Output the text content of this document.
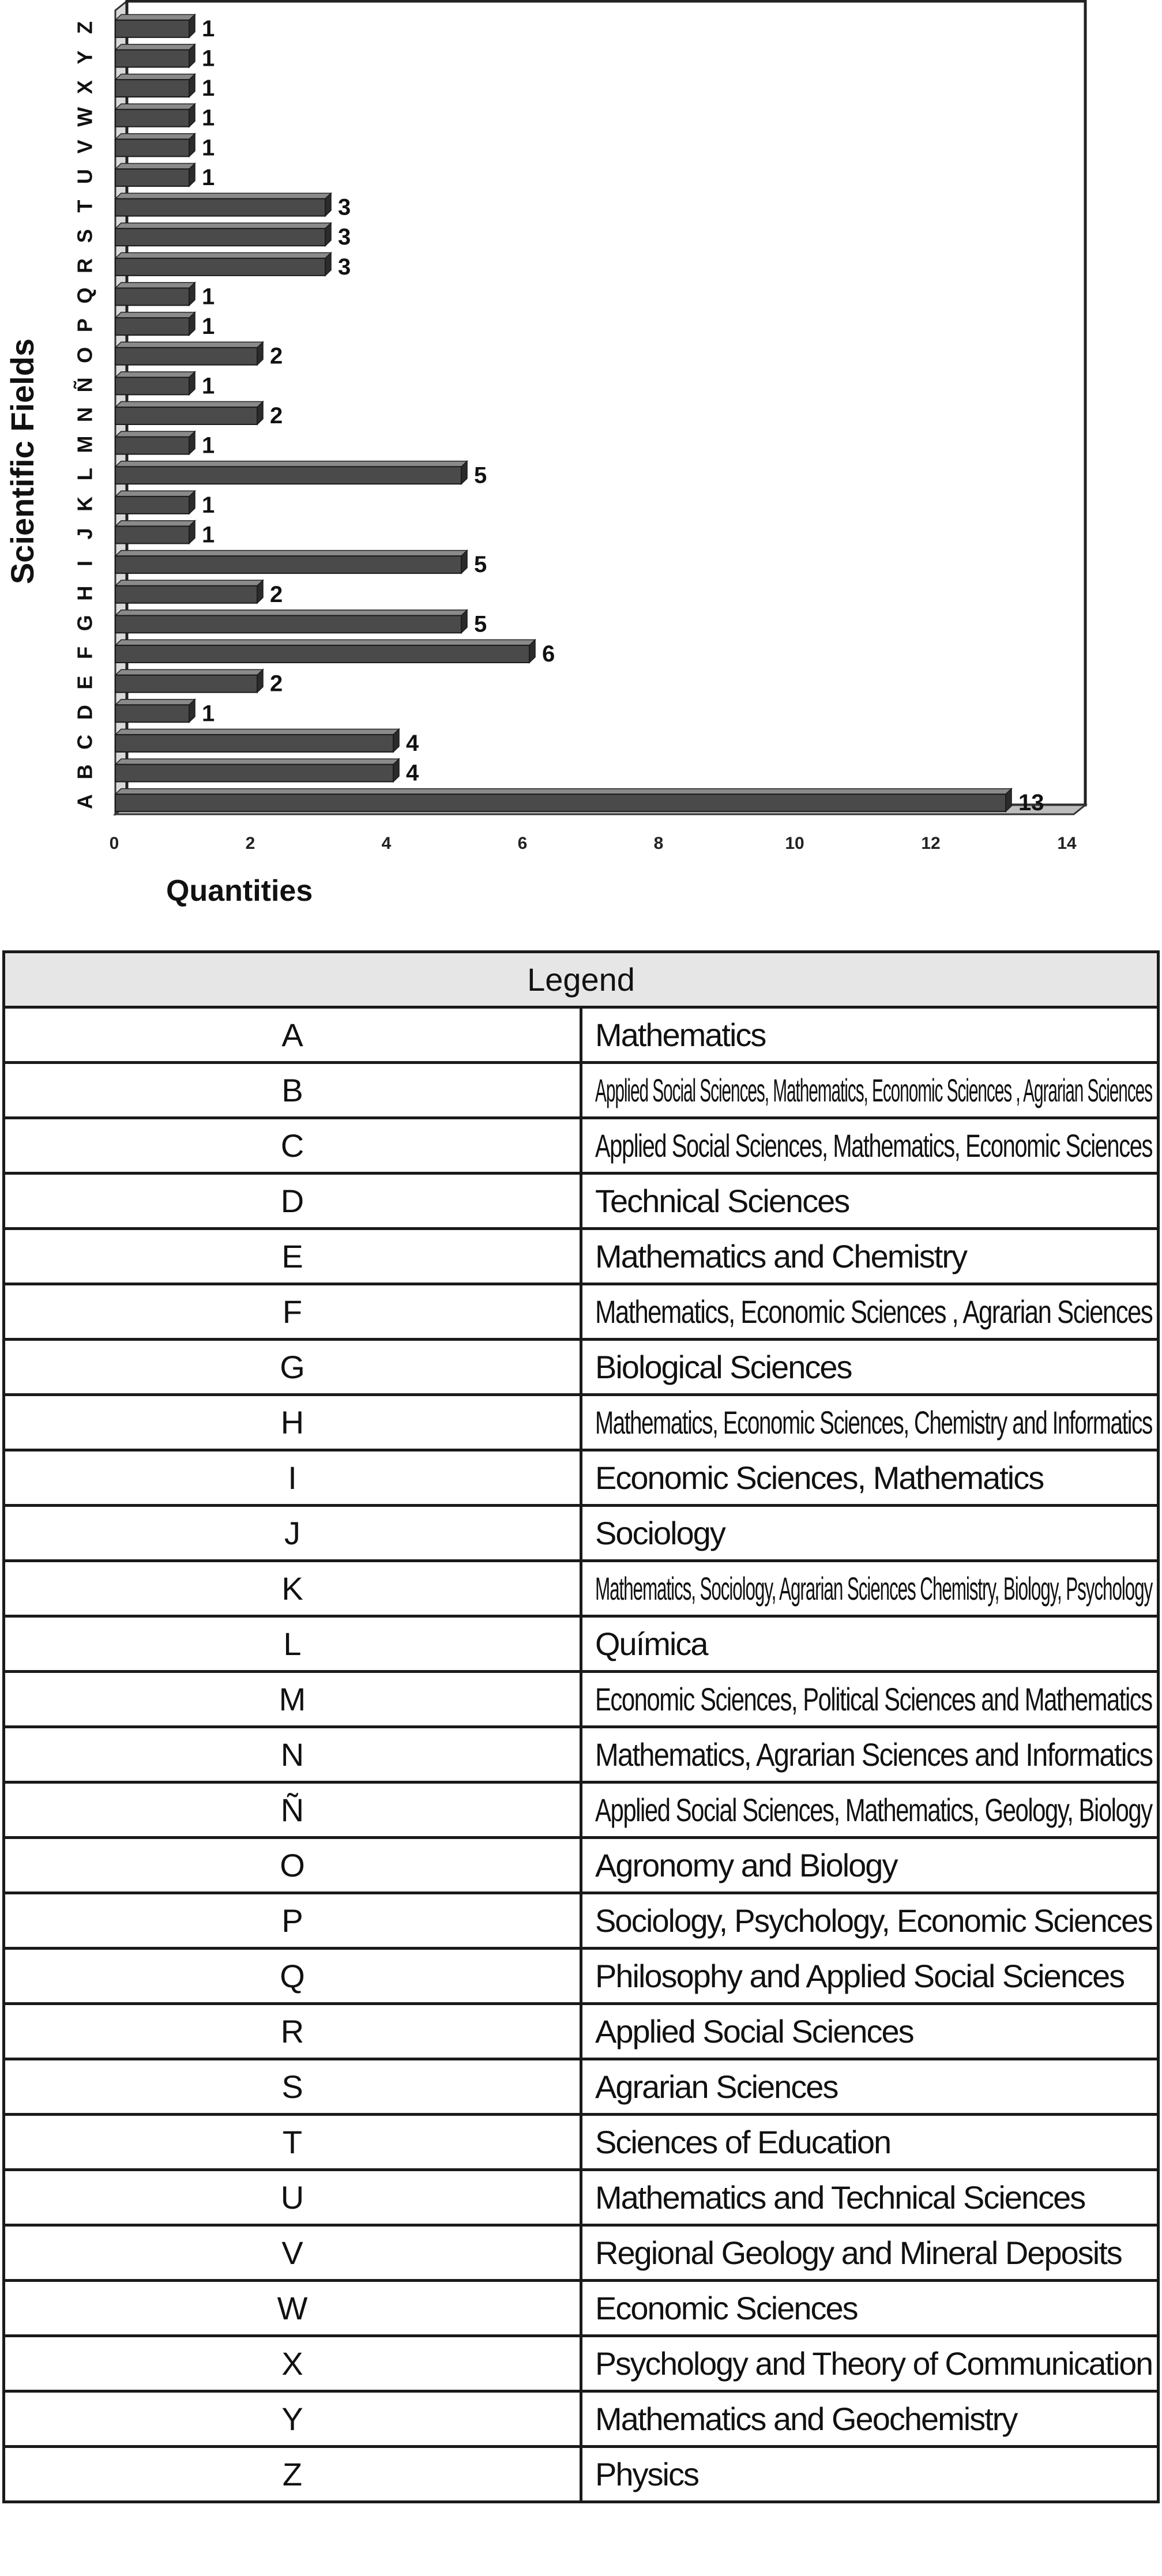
13
4
4
1
2
6
5
2
5
1
1
5
1
2
1
2
1
1
3
3
3
1
1
1
1
1
1
A
B
C
D
E
F
G
H
I
J
K
L
M
N
Ñ
O
P
Q
R
S
T
U
V
W
X
Y
Z
0	2	4	6	8	10	12	14
Quantities
Scientific Fields
Legend	
A	Mathematics
B	Applied Social Sciences, Mathematics, Economic Sciences , Agrarian Sciences
C	Applied Social Sciences, Mathematics, Economic Sciences
D	Technical Sciences
E	Mathematics and Chemistry
F	Mathematics, Economic Sciences , Agrarian Sciences
G	Biological Sciences
H	Mathematics, Economic Sciences, Chemistry and Informatics
I	Economic Sciences, Mathematics
J	Sociology
K	Mathematics, Sociology, Agrarian Sciences Chemistry, Biology, Psychology
L	Química
M	Economic Sciences, Political Sciences and Mathematics
N	Mathematics, Agrarian Sciences and Informatics
Ñ	Applied Social Sciences, Mathematics, Geology, Biology
O	Agronomy and Biology
P	Sociology, Psychology, Economic Sciences
Q	Philosophy and Applied Social Sciences
R	Applied Social Sciences
S	Agrarian Sciences
T	Sciences of Education
U	Mathematics and Technical Sciences
V	Regional Geology and Mineral Deposits
W	Economic Sciences
X	Psychology and Theory of Communication
Y	Mathematics and Geochemistry
Z	Physics
